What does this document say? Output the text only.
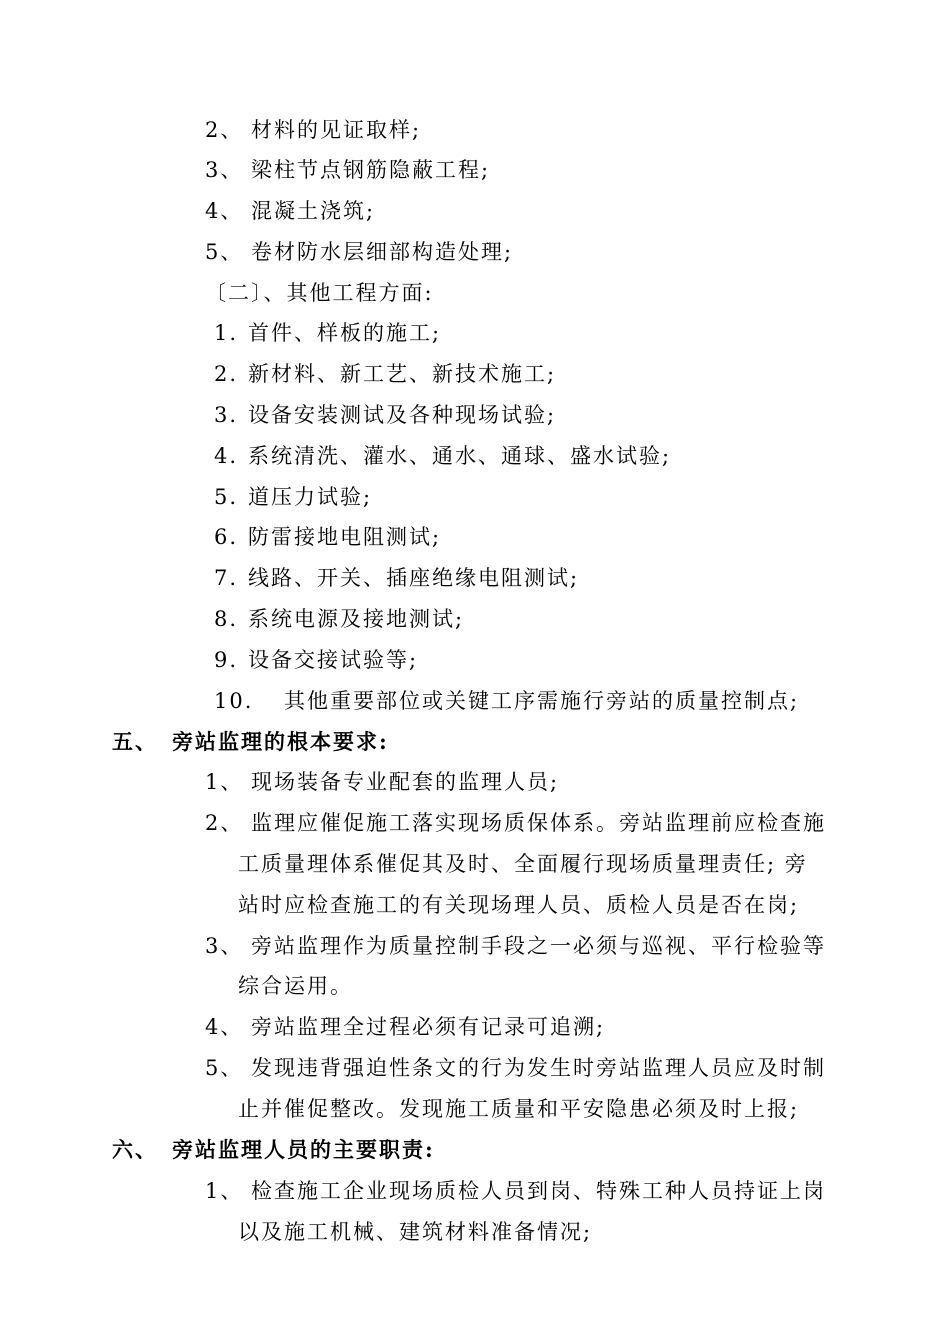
2、 材料的见证取样;
3、 梁柱节点钢筋隐蔽工程;
4、 混凝土浇筑;
5、 卷材防水层细部构造处理;
〔二〕、其他工程方面:
1. 首件、样板的施工;
2. 新材料、新工艺、新技术施工;
3. 设备安装测试及各种现场试验;
4. 系统清洗、灌水、通水、通球、盛水试验;
5. 道压力试验;
6. 防雷接地电阻测试;
7. 线路、开关、插座绝缘电阻测试;
8. 系统电源及接地测试;
9. 设备交接试验等;
10. 其他重要部位或关键工序需施行旁站的质量控制点;
五、 旁站监理的根本要求:
1、 现场装备专业配套的监理人员;
2、 监理应催促施工落实现场质保体系。旁站监理前应检查施
工质量理体系催促其及时、全面履行现场质量理责任; 旁
站时应检查施工的有关现场理人员、质检人员是否在岗;
3、 旁站监理作为质量控制手段之一必须与巡视、平行检验等
综合运用。
4、 旁站监理全过程必须有记录可追溯;
5、 发现违背强迫性条文的行为发生时旁站监理人员应及时制
止并催促整改。发现施工质量和平安隐患必须及时上报;
六、 旁站监理人员的主要职责:
1、 检查施工企业现场质检人员到岗、特殊工种人员持证上岗
以及施工机械、建筑材料准备情况;
